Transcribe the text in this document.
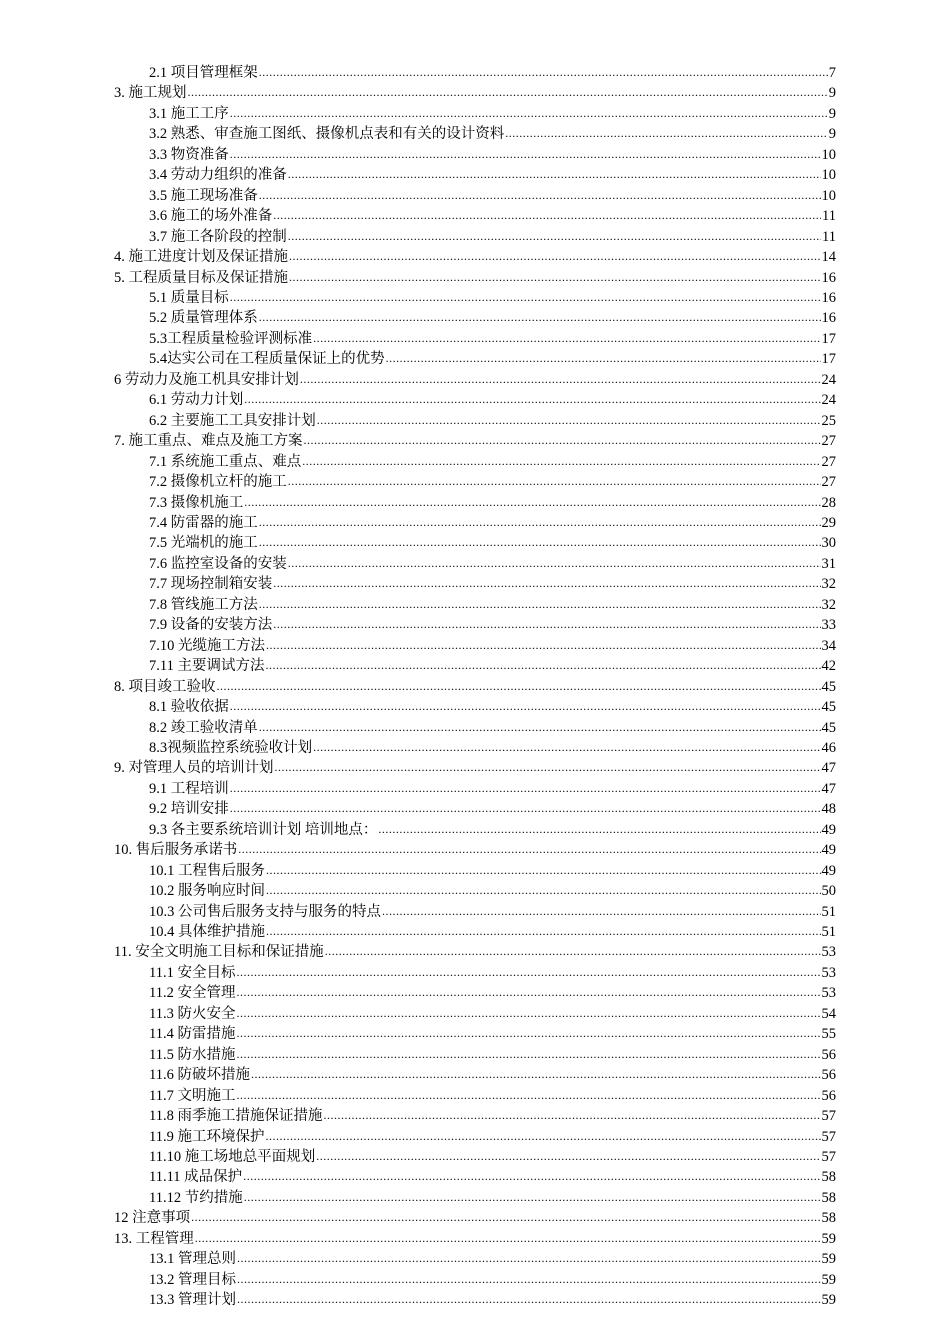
2.1 项目管理框架 .....	7
3. 施工规划 .....	9
3.1 施工工序 .....	9
3.2 熟悉、审查施工图纸、摄像机点表和有关的设计资料 .....	9
3.3 物资准备 .....	10
3.4 劳动力组织的准备 .....	10
3.5 施工现场准备 .....	10
3.6 施工的场外准备 .....	11
3.7 施工各阶段的控制 .....	11
4. 施工进度计划及保证措施 .....	14
5. 工程质量目标及保证措施 .....	16
5.1 质量目标 .....	16
5.2 质量管理体系 .....	16
5.3工程质量检验评测标准 .....	17
5.4达实公司在工程质量保证上的优势 .....	17
6 劳动力及施工机具安排计划 .....	24
6.1 劳动力计划 .....	24
6.2 主要施工工具安排计划 .....	25
7. 施工重点、难点及施工方案 .....	27
7.1 系统施工重点、难点 .....	27
7.2 摄像机立杆的施工 .....	27
7.3 摄像机施工 .....	28
7.4 防雷器的施工 .....	29
7.5 光端机的施工 .....	30
7.6 监控室设备的安装 .....	31
7.7 现场控制箱安装 .....	32
7.8 管线施工方法 .....	32
7.9 设备的安装方法 .....	33
7.10 光缆施工方法 .....	34
7.11 主要调试方法 .....	42
8. 项目竣工验收 .....	45
8.1 验收依据 .....	45
8.2 竣工验收清单 .....	45
8.3视频监控系统验收计划 .....	46
9. 对管理人员的培训计划 .....	47
9.1 工程培训 .....	47
9.2 培训安排 .....	48
9.3 各主要系统培训计划 培训地点： .....	49
10. 售后服务承诺书 .....	49
10.1 工程售后服务 .....	49
10.2 服务响应时间 .....	50
10.3 公司售后服务支持与服务的特点 .....	51
10.4 具体维护措施 .....	51
11. 安全文明施工目标和保证措施 .....	53
11.1 安全目标 .....	53
11.2 安全管理 .....	53
11.3 防火安全 .....	54
11.4 防雷措施 .....	55
11.5 防水措施 .....	56
11.6 防破坏措施 .....	56
11.7 文明施工 .....	56
11.8 雨季施工措施保证措施 .....	57
11.9 施工环境保护 .....	57
11.10 施工场地总平面规划 .....	57
11.11 成品保护 .....	58
11.12 节约措施 .....	58
12 注意事项 .....	58
13. 工程管理 .....	59
13.1 管理总则 .....	59
13.2 管理目标 .....	59
13.3 管理计划 .....	59
